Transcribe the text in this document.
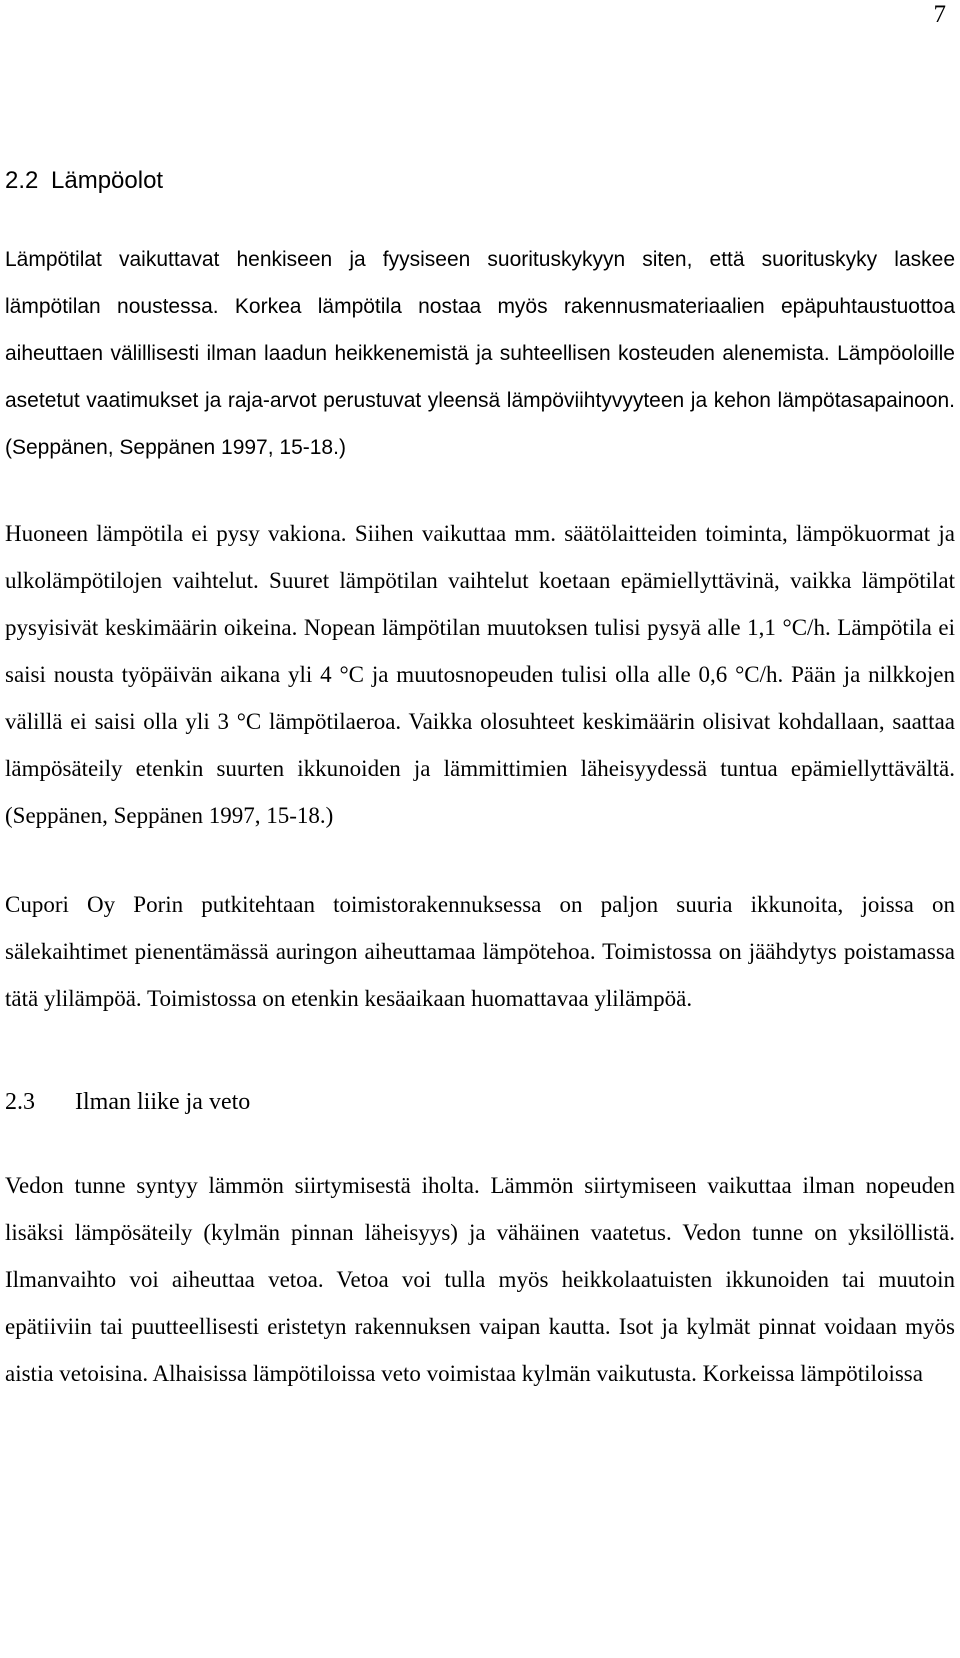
7
2.2 Lämpöolot

Lämpötilat vaikuttavat henkiseen ja fyysiseen suorituskykyyn siten, että suorituskyky laskee lämpötilan noustessa. Korkea lämpötila nostaa myös rakennusmateriaalien epäpuhtaustuottoa aiheuttaen välillisesti ilman laadun heikkenemistä ja suhteellisen kosteuden alenemista. Lämpöoloille asetetut vaatimukset ja raja-arvot perustuvat yleensä lämpöviihtyvyyteen ja kehon lämpötasapainoon. (Seppänen, Seppänen 1997, 15-18.)

Huoneen lämpötila ei pysy vakiona. Siihen vaikuttaa mm. säätölaitteiden toiminta, lämpökuormat ja ulkolämpötilojen vaihtelut. Suuret lämpötilan vaihtelut koetaan epämiellyttävinä, vaikka lämpötilat pysyisivät keskimäärin oikeina. Nopean lämpötilan muutoksen tulisi pysyä alle 1,1 °C/h. Lämpötila ei saisi nousta työpäivän aikana yli 4 °C ja muutosnopeuden tulisi olla alle 0,6 °C/h. Pään ja nilkkojen välillä ei saisi olla yli 3 °C lämpötilaeroa. Vaikka olosuhteet keskimäärin olisivat kohdallaan, saattaa lämpösäteily etenkin suurten ikkunoiden ja lämmittimien läheisyydessä tuntua epämiellyttävältä. (Seppänen, Seppänen 1997, 15-18.)

Cupori Oy Porin putkitehtaan toimistorakennuksessa on paljon suuria ikkunoita, joissa on sälekaihtimet pienentämässä auringon aiheuttamaa lämpötehoa. Toimistossa on jäähdytys poistamassa tätä ylilämpöä. Toimistossa on etenkin kesäaikaan huomattavaa ylilämpöä.

2.3 Ilman liike ja veto

Vedon tunne syntyy lämmön siirtymisestä iholta. Lämmön siirtymiseen vaikuttaa ilman nopeuden lisäksi lämpösäteily (kylmän pinnan läheisyys) ja vähäinen vaatetus. Vedon tunne on yksilöllistä. Ilmanvaihto voi aiheuttaa vetoa. Vetoa voi tulla myös heikkolaatuisten ikkunoiden tai muutoin epätiiviin tai puutteellisesti eristetyn rakennuksen vaipan kautta. Isot ja kylmät pinnat voidaan myös aistia vetoisina. Alhaisissa lämpötiloissa veto voimistaa kylmän vaikutusta. Korkeissa lämpötiloissa
